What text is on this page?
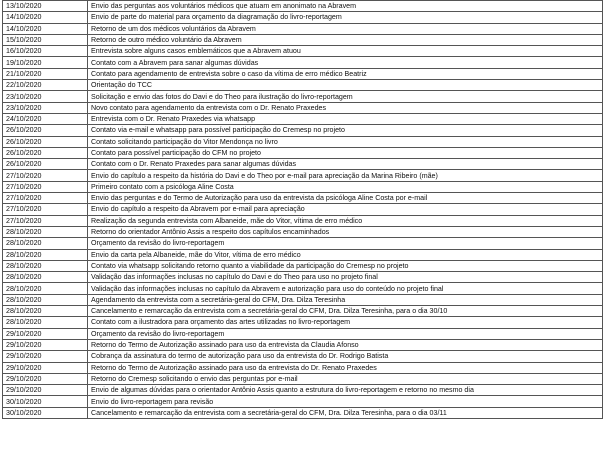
13/10/2020	Envio das perguntas aos voluntários médicos que atuam em anonimato na Abravem
14/10/2020	Envio de parte do material para orçamento da diagramação do livro-reportagem
14/10/2020	Retorno de um dos médicos voluntários da Abravem
15/10/2020	Retorno de outro médico voluntário da Abravem
16/10/2020	Entrevista sobre alguns casos emblemáticos que a Abravem atuou
19/10/2020	Contato com a Abravem para sanar algumas dúvidas
21/10/2020	Contato para agendamento de entrevista sobre o caso da vítima de erro médico Beatriz
22/10/2020	Orientação do TCC
23/10/2020	Solicitação e envio das fotos do Davi e do Theo para ilustração do livro-reportagem
23/10/2020	Novo contato para agendamento da entrevista com o Dr. Renato Praxedes
24/10/2020	Entrevista com o Dr. Renato Praxedes via whatsapp
26/10/2020	Contato via e-mail e whatsapp para possível participação do Cremesp no projeto
26/10/2020	Contato solicitando participação do Vitor Mendonça no livro
26/10/2020	Contato para possível participação do CFM no projeto
26/10/2020	Contato com o Dr. Renato Praxedes para sanar algumas dúvidas
27/10/2020	Envio do capítulo a respeito da história do Davi e do Theo por e-mail para apreciação da Marina Ribeiro (mãe)
27/10/2020	Primeiro contato com a psicóloga Aline Costa
27/10/2020	Envio das perguntas e do Termo de Autorização para uso da entrevista da psicóloga Aline Costa por e-mail
27/10/2020	Envio do capítulo a respeito da Abravem por e-mail para apreciação
27/10/2020	Realização da segunda entrevista com Albaneide, mãe do Vitor, vítima de erro médico
28/10/2020	Retorno do orientador Antônio Assis a respeito dos capítulos encaminhados
28/10/2020	Orçamento da revisão do livro-reportagem
28/10/2020	Envio da carta pela Albaneide, mãe do Vitor, vítima de erro médico
28/10/2020	Contato via whatsapp solicitando retorno quanto a viabilidade da participação do Cremesp no projeto
28/10/2020	Validação das informações inclusas no capítulo do Davi e do Theo para uso no projeto final
28/10/2020	Validação das informações inclusas no capítulo da Abravem e autorização para uso do conteúdo no projeto final
28/10/2020	Agendamento da entrevista com a secretária-geral do CFM, Dra. Dilza Teresinha
28/10/2020	Cancelamento e remarcação da entrevista com a secretária-geral do CFM, Dra. Dilza Teresinha, para o dia 30/10
28/10/2020	Contato com a ilustradora para orçamento das artes utilizadas no livro-reportagem
29/10/2020	Orçamento da revisão do livro-reportagem
29/10/2020	Retorno do Termo de Autorização assinado para uso da entrevista da Claudia Afonso
29/10/2020	Cobrança da assinatura do termo de autorização para uso da entrevista do Dr. Rodrigo Batista
29/10/2020	Retorno do Termo de Autorização assinado para uso da entrevista do Dr. Renato Praxedes
29/10/2020	Retorno do Cremesp solicitando o envio das perguntas por e-mail
29/10/2020	Envio de algumas dúvidas para o orientador Antônio Assis quanto a estrutura do livro-reportagem e retorno no mesmo dia
30/10/2020	Envio do livro-reportagem para revisão
30/10/2020	Cancelamento e remarcação da entrevista com a secretária-geral do CFM, Dra. Dilza Teresinha, para o dia 03/11
